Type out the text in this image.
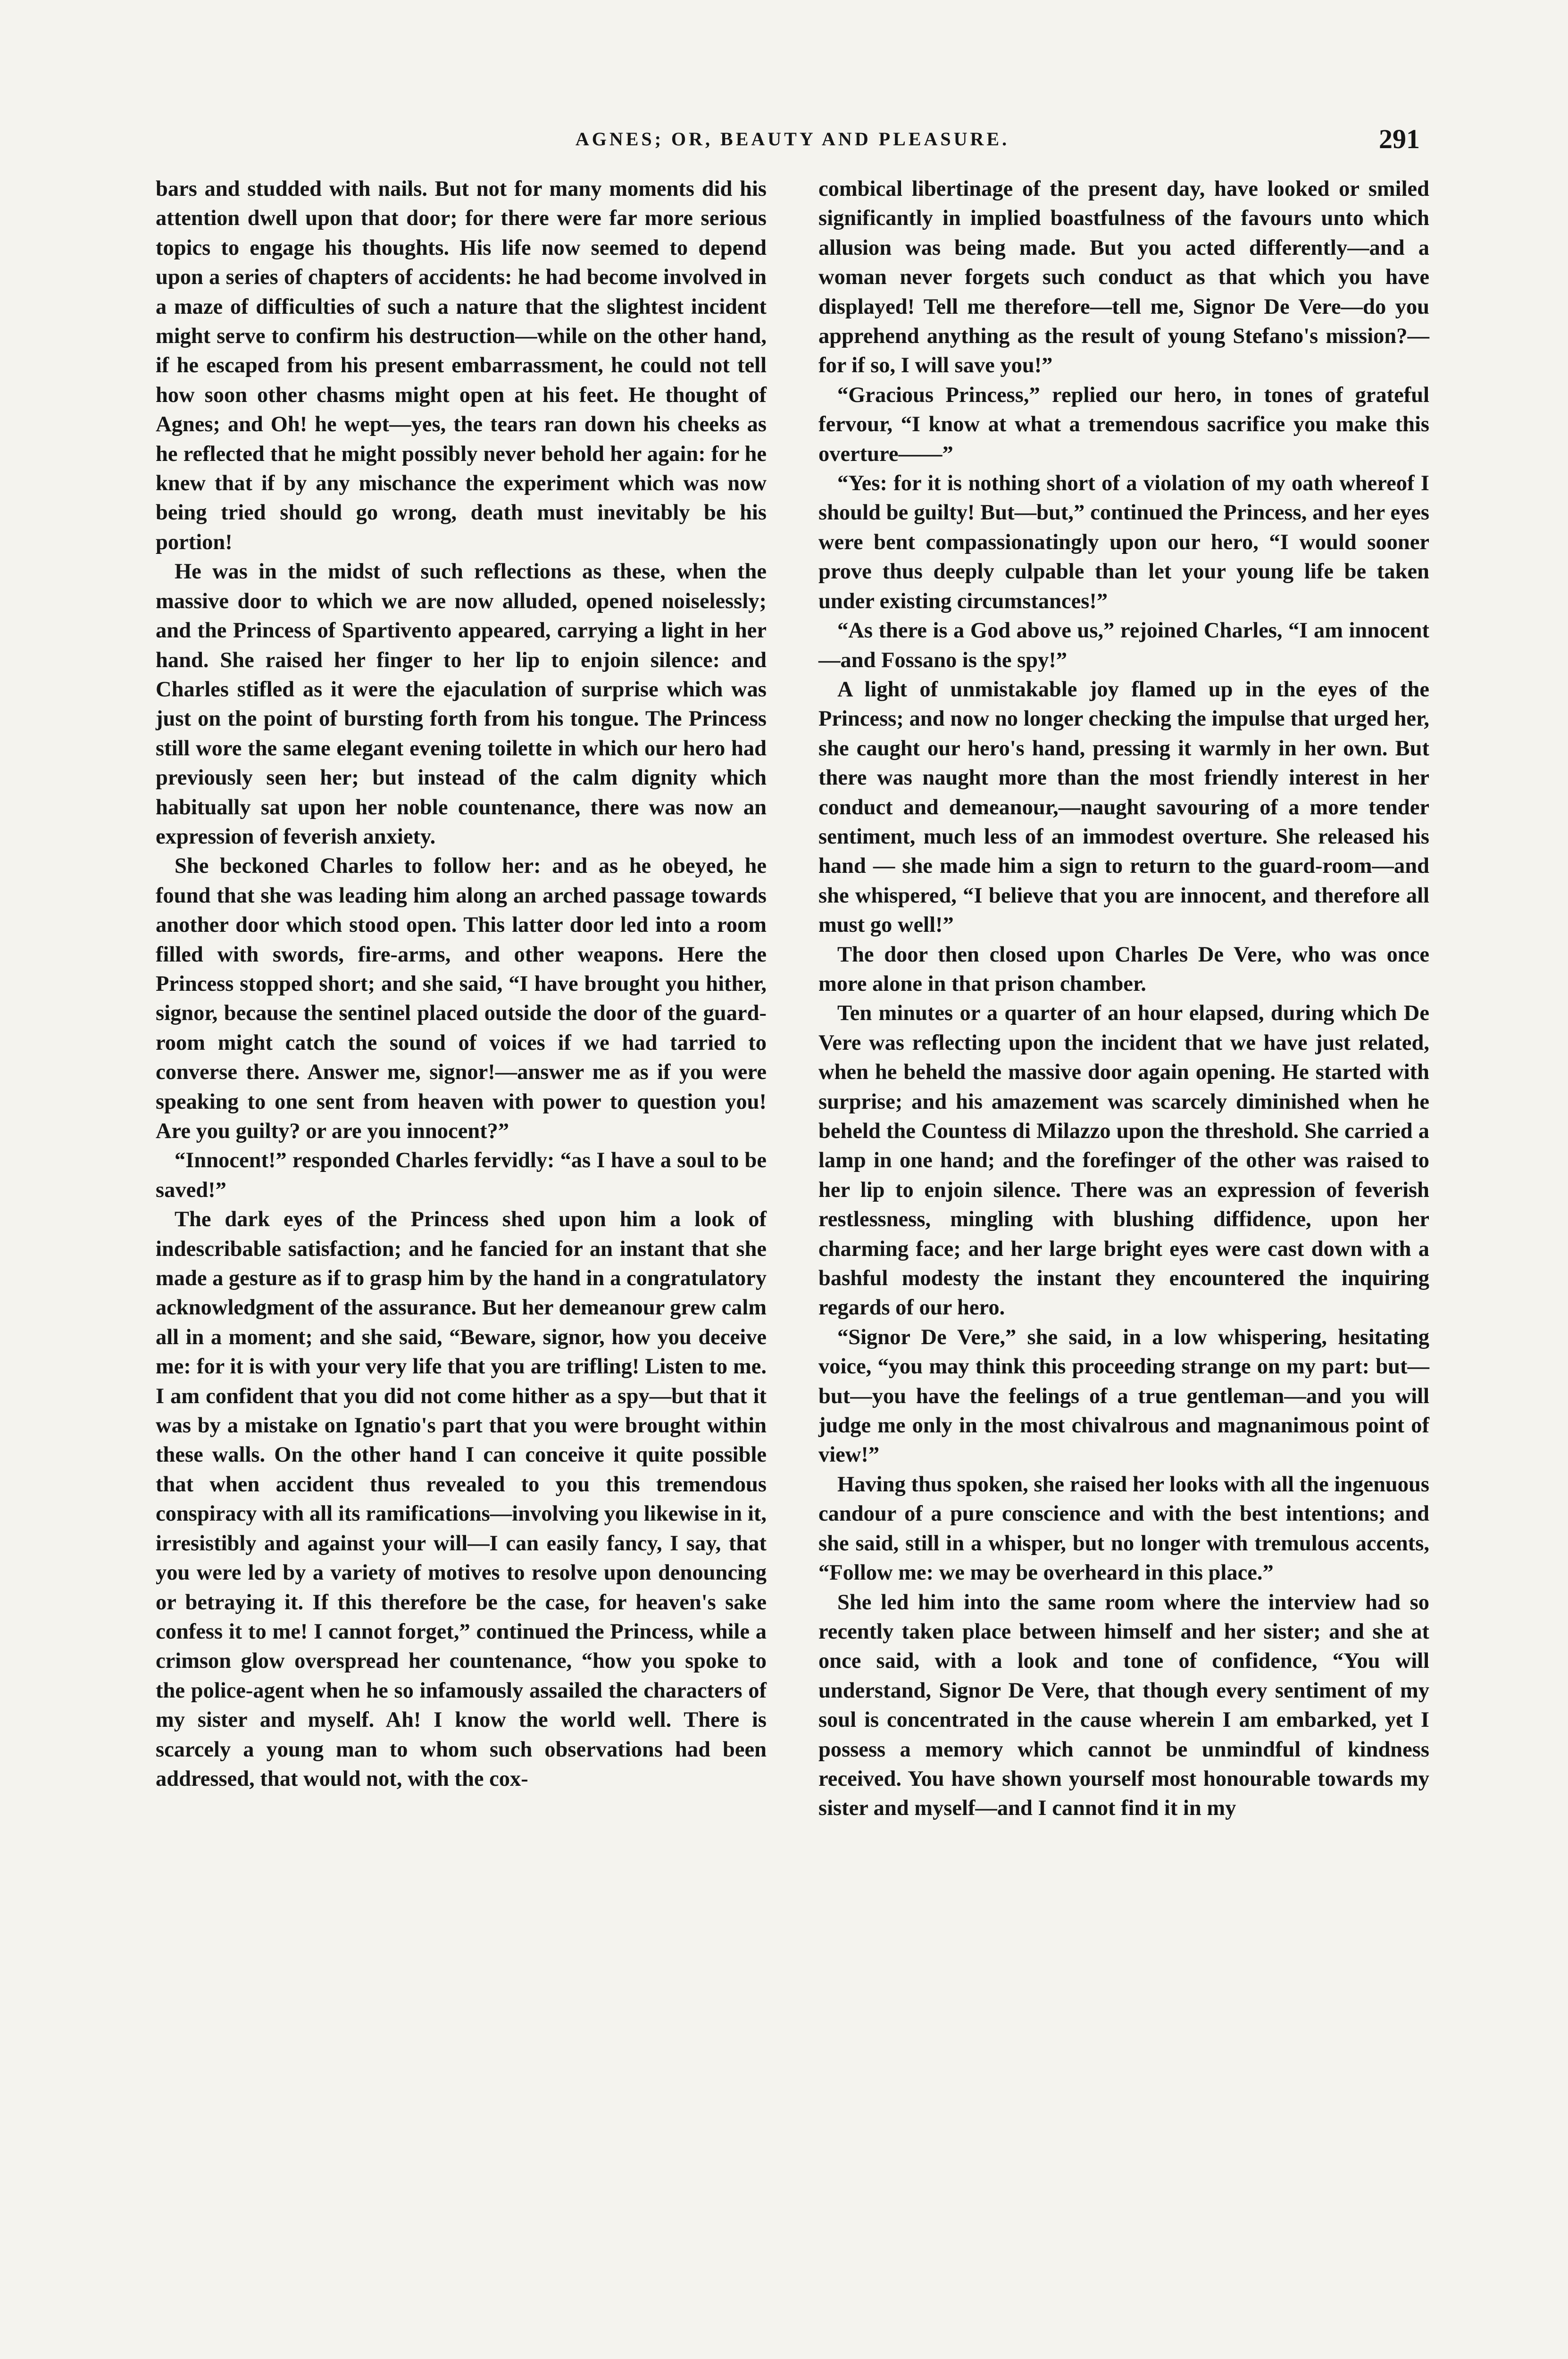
AGNES; OR, BEAUTY AND PLEASURE.	291

bars and studded with nails. But not for many moments did his attention dwell upon that door; for there were far more serious topics to engage his thoughts. His life now seemed to depend upon a series of chapters of accidents: he had become involved in a maze of difficulties of such a nature that the slightest incident might serve to confirm his destruction—while on the other hand, if he escaped from his present embarrassment, he could not tell how soon other chasms might open at his feet. He thought of Agnes; and Oh! he wept—yes, the tears ran down his cheeks as he reflected that he might possibly never behold her again: for he knew that if by any mischance the experiment which was now being tried should go wrong, death must inevitably be his portion!

He was in the midst of such reflections as these, when the massive door to which we are now alluded, opened noiselessly; and the Princess of Spartivento appeared, carrying a light in her hand. She raised her finger to her lip to enjoin silence: and Charles stifled as it were the ejaculation of surprise which was just on the point of bursting forth from his tongue. The Princess still wore the same elegant evening toilette in which our hero had previously seen her; but instead of the calm dignity which habitually sat upon her noble countenance, there was now an expression of feverish anxiety.

She beckoned Charles to follow her: and as he obeyed, he found that she was leading him along an arched passage towards another door which stood open. This latter door led into a room filled with swords, fire-arms, and other weapons. Here the Princess stopped short; and she said, “I have brought you hither, signor, because the sentinel placed outside the door of the guard-room might catch the sound of voices if we had tarried to converse there. Answer me, signor!—answer me as if you were speaking to one sent from heaven with power to question you! Are you guilty? or are you innocent?”

“Innocent!” responded Charles fervidly: “as I have a soul to be saved!”

The dark eyes of the Princess shed upon him a look of indescribable satisfaction; and he fancied for an instant that she made a gesture as if to grasp him by the hand in a congratulatory acknowledgment of the assurance. But her demeanour grew calm all in a moment; and she said, “Beware, signor, how you deceive me: for it is with your very life that you are trifling! Listen to me. I am confident that you did not come hither as a spy—but that it was by a mistake on Ignatio's part that you were brought within these walls. On the other hand I can conceive it quite possible that when accident thus revealed to you this tremendous conspiracy with all its ramifications—involving you likewise in it, irresistibly and against your will—I can easily fancy, I say, that you were led by a variety of motives to resolve upon denouncing or betraying it. If this therefore be the case, for heaven's sake confess it to me! I cannot forget,” continued the Princess, while a crimson glow overspread her countenance, “how you spoke to the police-agent when he so infamously assailed the characters of my sister and myself. Ah! I know the world well. There is scarcely a young man to whom such observations had been addressed, that would not, with the cox-

combical libertinage of the present day, have looked or smiled significantly in implied boastfulness of the favours unto which allusion was being made. But you acted differently—and a woman never forgets such conduct as that which you have displayed! Tell me therefore—tell me, Signor De Vere—do you apprehend anything as the result of young Stefano's mission?—for if so, I will save you!”

“Gracious Princess,” replied our hero, in tones of grateful fervour, “I know at what a tremendous sacrifice you make this overture——”

“Yes: for it is nothing short of a violation of my oath whereof I should be guilty! But—but,” continued the Princess, and her eyes were bent compassionatingly upon our hero, “I would sooner prove thus deeply culpable than let your young life be taken under existing circumstances!”

“As there is a God above us,” rejoined Charles, “I am innocent—and Fossano is the spy!”

A light of unmistakable joy flamed up in the eyes of the Princess; and now no longer checking the impulse that urged her, she caught our hero's hand, pressing it warmly in her own. But there was naught more than the most friendly interest in her conduct and demeanour,—naught savouring of a more tender sentiment, much less of an immodest overture. She released his hand — she made him a sign to return to the guard-room—and she whispered, “I believe that you are innocent, and therefore all must go well!”

The door then closed upon Charles De Vere, who was once more alone in that prison chamber.

Ten minutes or a quarter of an hour elapsed, during which De Vere was reflecting upon the incident that we have just related, when he beheld the massive door again opening. He started with surprise; and his amazement was scarcely diminished when he beheld the Countess di Milazzo upon the threshold. She carried a lamp in one hand; and the forefinger of the other was raised to her lip to enjoin silence. There was an expression of feverish restlessness, mingling with blushing diffidence, upon her charming face; and her large bright eyes were cast down with a bashful modesty the instant they encountered the inquiring regards of our hero.

“Signor De Vere,” she said, in a low whispering, hesitating voice, “you may think this proceeding strange on my part: but—but—you have the feelings of a true gentleman—and you will judge me only in the most chivalrous and magnanimous point of view!”

Having thus spoken, she raised her looks with all the ingenuous candour of a pure conscience and with the best intentions; and she said, still in a whisper, but no longer with tremulous accents, “Follow me: we may be overheard in this place.”

She led him into the same room where the interview had so recently taken place between himself and her sister; and she at once said, with a look and tone of confidence, “You will understand, Signor De Vere, that though every sentiment of my soul is concentrated in the cause wherein I am embarked, yet I possess a memory which cannot be unmindful of kindness received. You have shown yourself most honourable towards my sister and myself—and I cannot find it in my
